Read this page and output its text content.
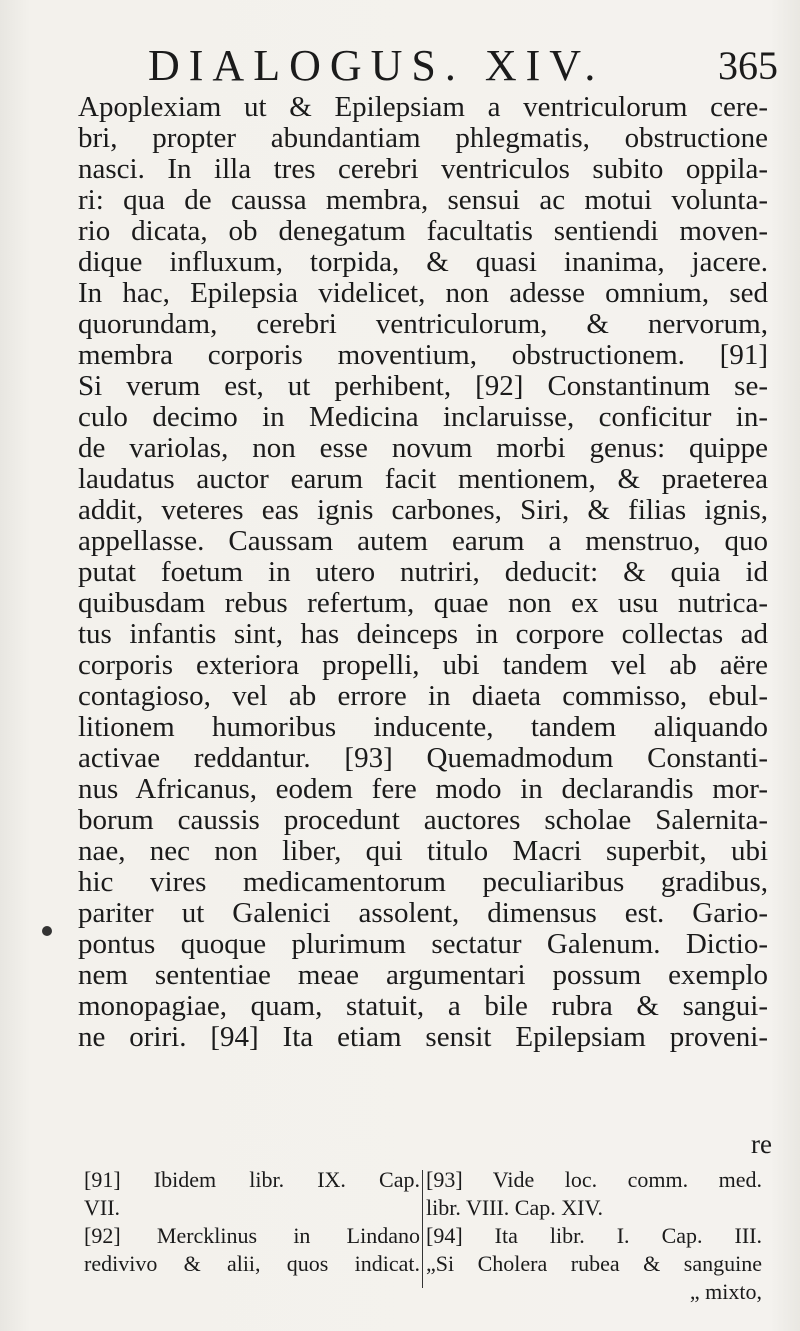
DIALOGUS. XIV.	365
Apoplexiam ut & Epilepsiam a ventriculorum cere-
bri, propter abundantiam phlegmatis, obstructione
nasci. In illa tres cerebri ventriculos subito oppila-
ri: qua de caussa membra, sensui ac motui volunta-
rio dicata, ob denegatum facultatis sentiendi moven-
dique influxum, torpida, & quasi inanima, jacere.
In hac, Epilepsia videlicet, non adesse omnium, sed
quorundam, cerebri ventriculorum, & nervorum,
membra corporis moventium, obstructionem. [91]
Si verum est, ut perhibent, [92] Constantinum se-
culo decimo in Medicina inclaruisse, conficitur in-
de variolas, non esse novum morbi genus: quippe
laudatus auctor earum facit mentionem, & praeterea
addit, veteres eas ignis carbones, Siri, & filias ignis,
appellasse. Caussam autem earum a menstruo, quo
putat foetum in utero nutriri, deducit: & quia id
quibusdam rebus refertum, quae non ex usu nutrica-
tus infantis sint, has deinceps in corpore collectas ad
corporis exteriora propelli, ubi tandem vel ab aëre
contagioso, vel ab errore in diaeta commisso, ebul-
litionem humoribus inducente, tandem aliquando
activae reddantur. [93] Quemadmodum Constanti-
nus Africanus, eodem fere modo in declarandis mor-
borum caussis procedunt auctores scholae Salernita-
nae, nec non liber, qui titulo Macri superbit, ubi
hic vires medicamentorum peculiaribus gradibus,
pariter ut Galenici assolent, dimensus est. Gario-
pontus quoque plurimum sectatur Galenum. Dictio-
nem sententiae meae argumentari possum exemplo
monopagiae, quam, statuit, a bile rubra & sangui-
ne oriri. [94] Ita etiam sensit Epilepsiam proveni-
re
[91] Ibidem libr. IX. Cap.
VII.
[92] Mercklinus in Lindano
redivivo & alii, quos indicat.
[93] Vide loc. comm. med.
libr. VIII. Cap. XIV.
[94] Ita libr. I. Cap. III.
„Si Cholera rubea & sanguine
„ mixto,
